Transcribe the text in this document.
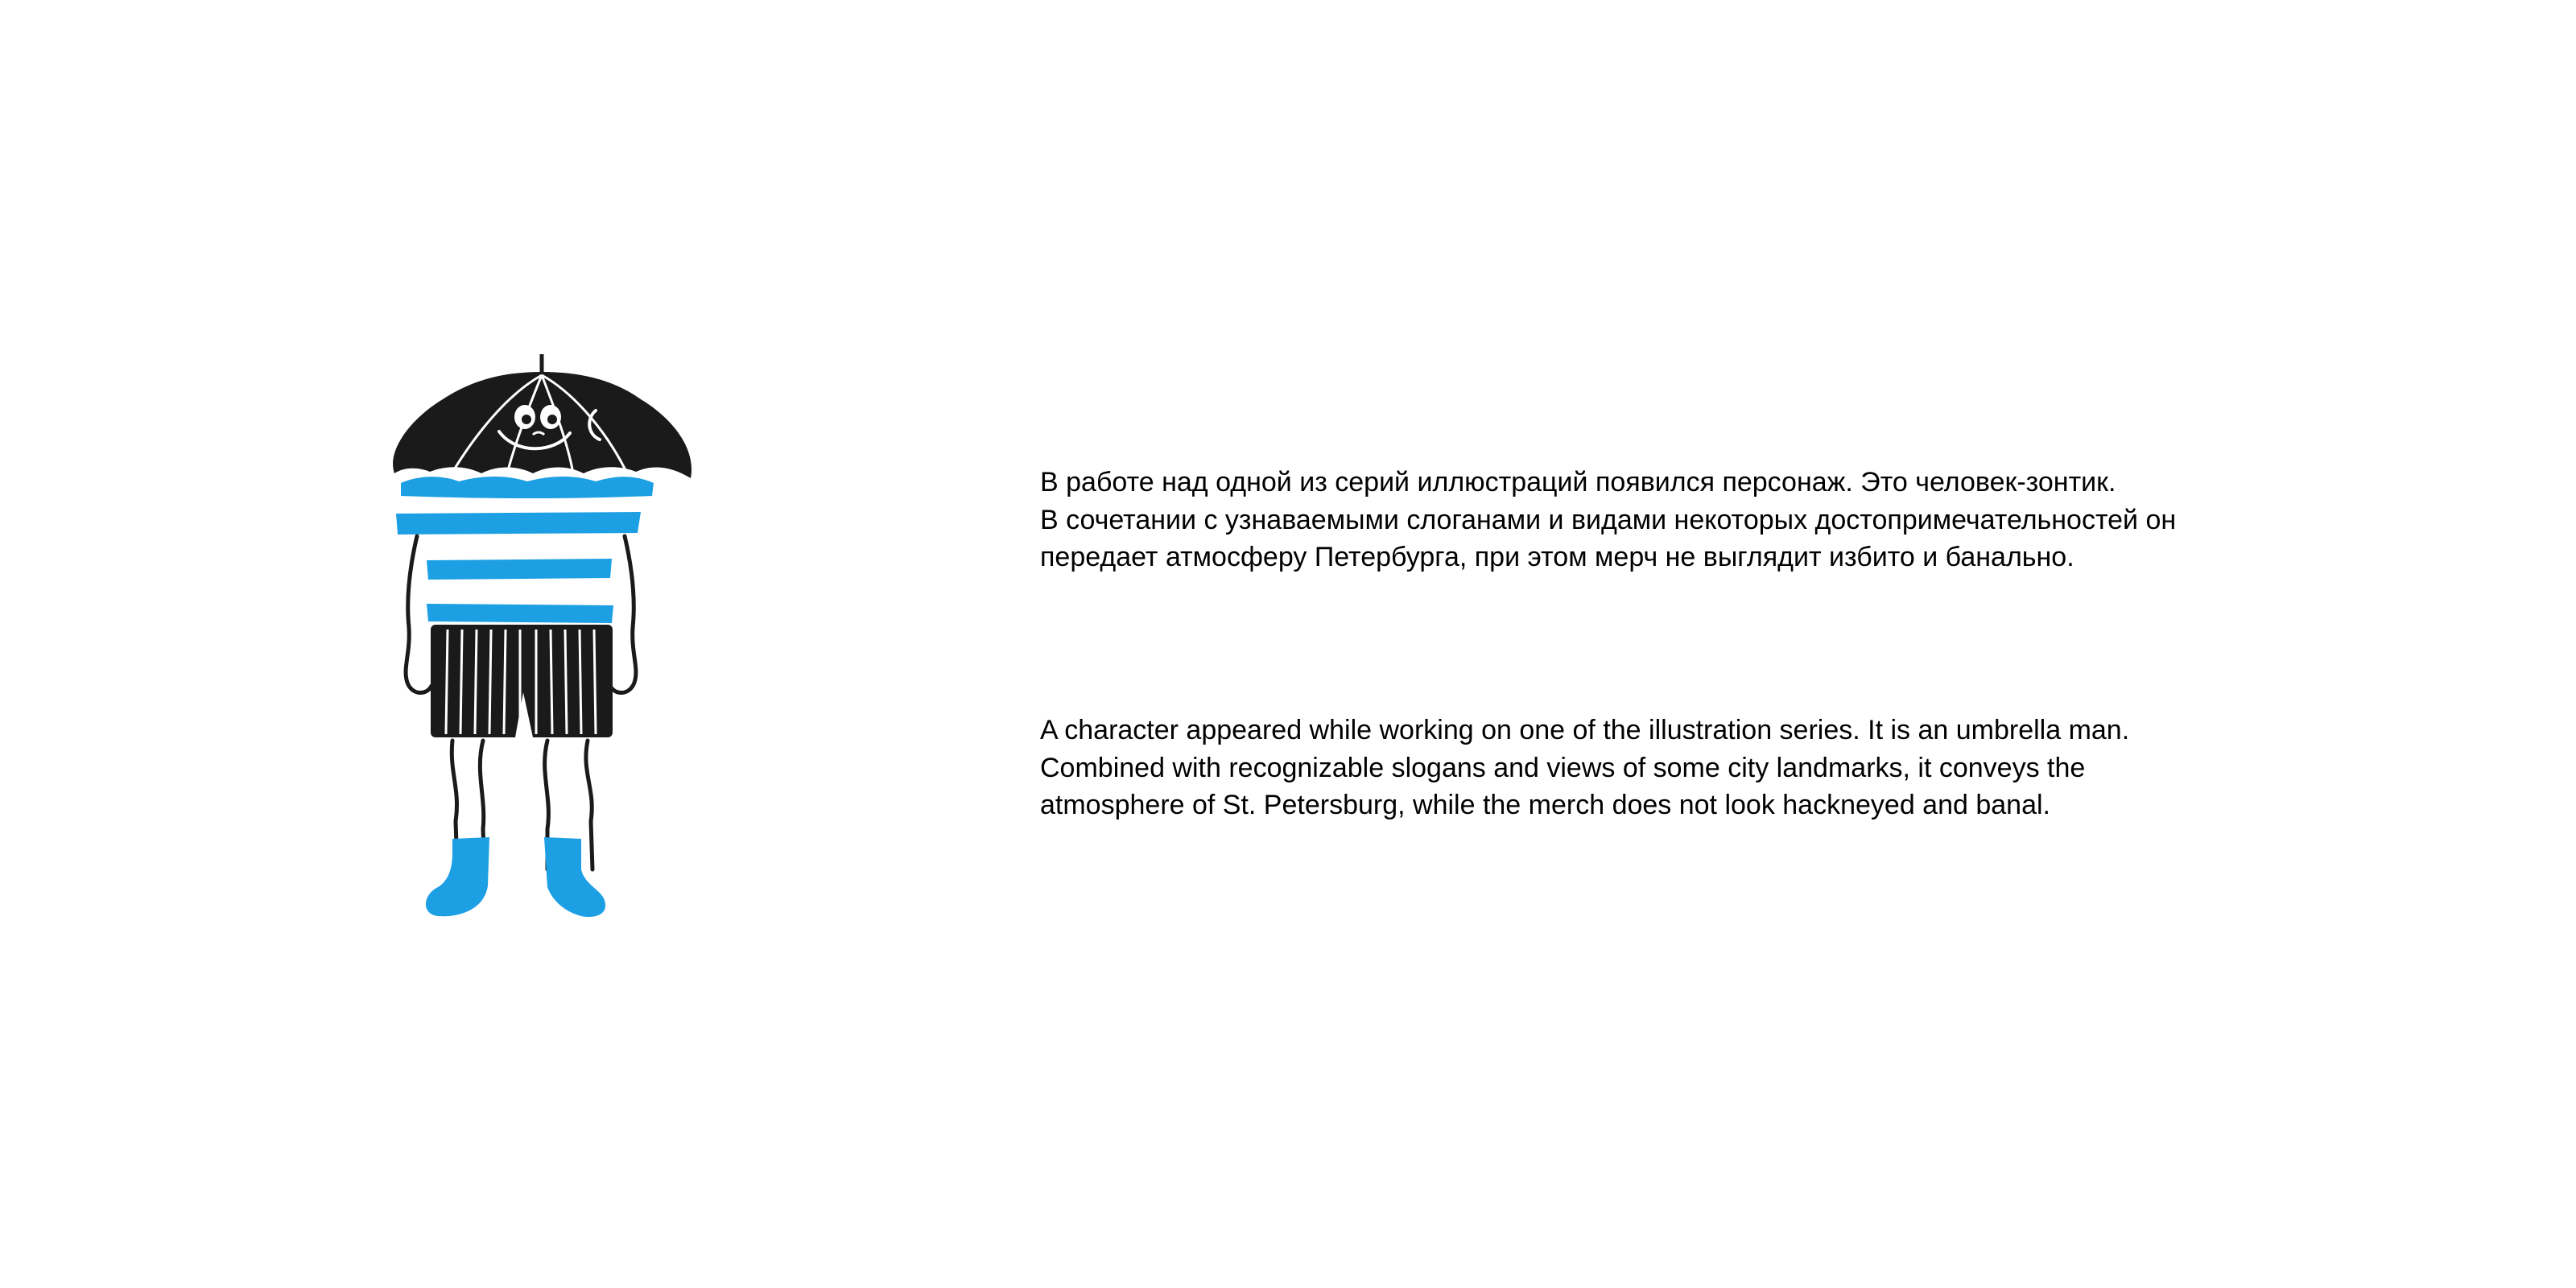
В работе над одной из серий иллюстраций появился персонаж. Это человек-зонтик.
В сочетании с узнаваемыми слоганами и видами некоторых достопримечательностей он
передает атмосферу Петербурга, при этом мерч не выглядит избито и банально.
A character appeared while working on one of the illustration series. It is an umbrella man.
Combined with recognizable slogans and views of some city landmarks, it conveys the
atmosphere of St. Petersburg, while the merch does not look hackneyed and banal.
